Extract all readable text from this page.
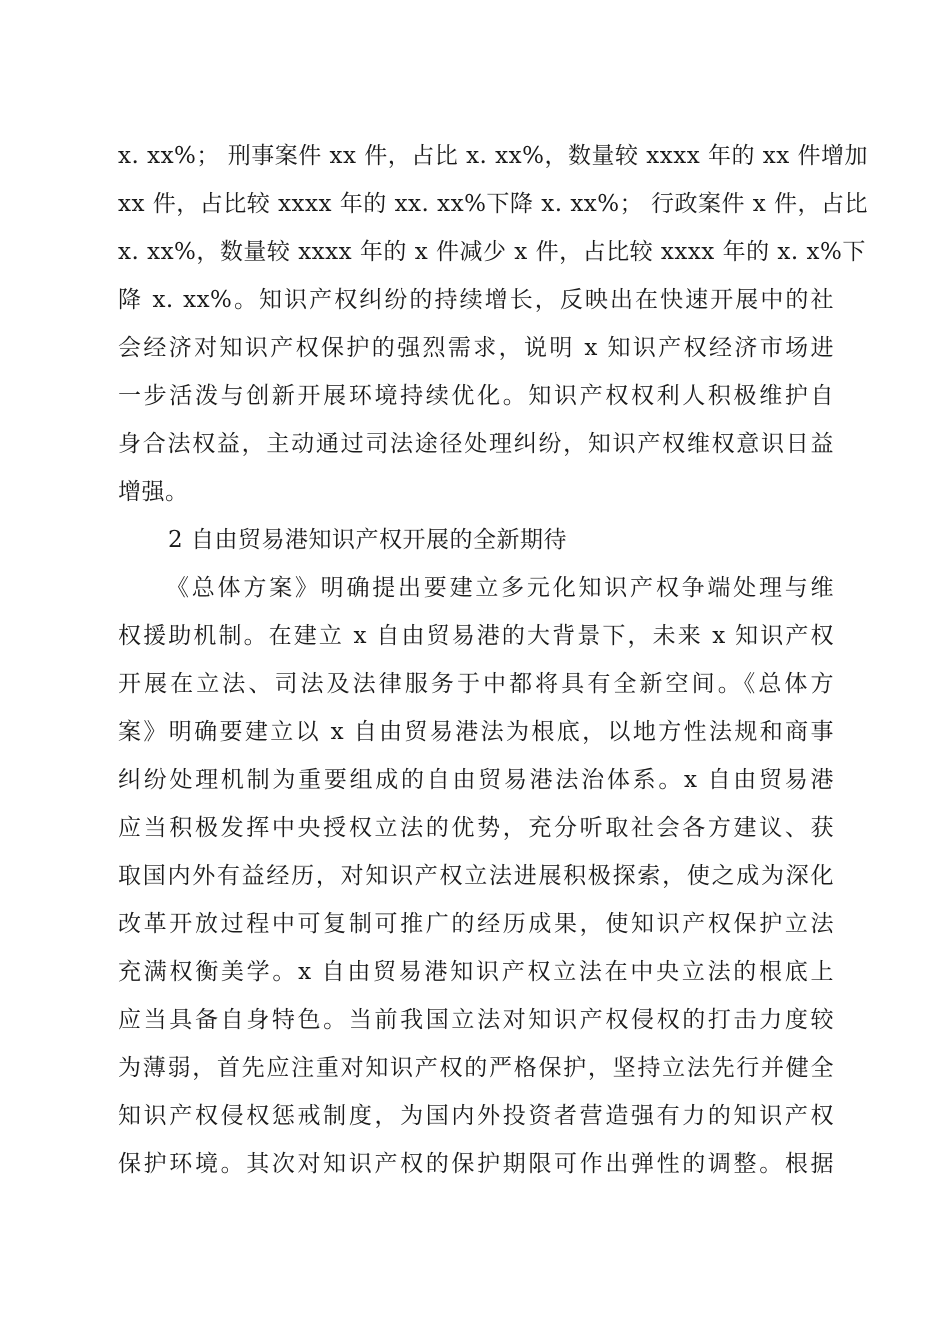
x. xx%； 刑事案件 xx 件，占比 x. xx%，数量较 xxxx 年的 xx 件增加
xx 件，占比较 xxxx 年的 xx. xx%下降 x. xx%； 行政案件 x 件，占比
x. xx%，数量较 xxxx 年的 x 件减少 x 件，占比较 xxxx 年的 x. x%下
降 x. xx%。知识产权纠纷的持续增长，反映出在快速开展中的社
会经济对知识产权保护的强烈需求，说明 x 知识产权经济市场进
一步活泼与创新开展环境持续优化。知识产权权利人积极维护自
身合法权益，主动通过司法途径处理纠纷，知识产权维权意识日益
增强。
2 自由贸易港知识产权开展的全新期待
《总体方案》明确提出要建立多元化知识产权争端处理与维
权援助机制。在建立 x 自由贸易港的大背景下，未来 x 知识产权
开展在立法、司法及法律服务于中都将具有全新空间。《总体方
案》明确要建立以 x 自由贸易港法为根底，以地方性法规和商事
纠纷处理机制为重要组成的自由贸易港法治体系。x 自由贸易港
应当积极发挥中央授权立法的优势，充分听取社会各方建议、获
取国内外有益经历，对知识产权立法进展积极探索，使之成为深化
改革开放过程中可复制可推广的经历成果，使知识产权保护立法
充满权衡美学。x 自由贸易港知识产权立法在中央立法的根底上
应当具备自身特色。当前我国立法对知识产权侵权的打击力度较
为薄弱，首先应注重对知识产权的严格保护，坚持立法先行并健全
知识产权侵权惩戒制度，为国内外投资者营造强有力的知识产权
保护环境。其次对知识产权的保护期限可作出弹性的调整。根据
